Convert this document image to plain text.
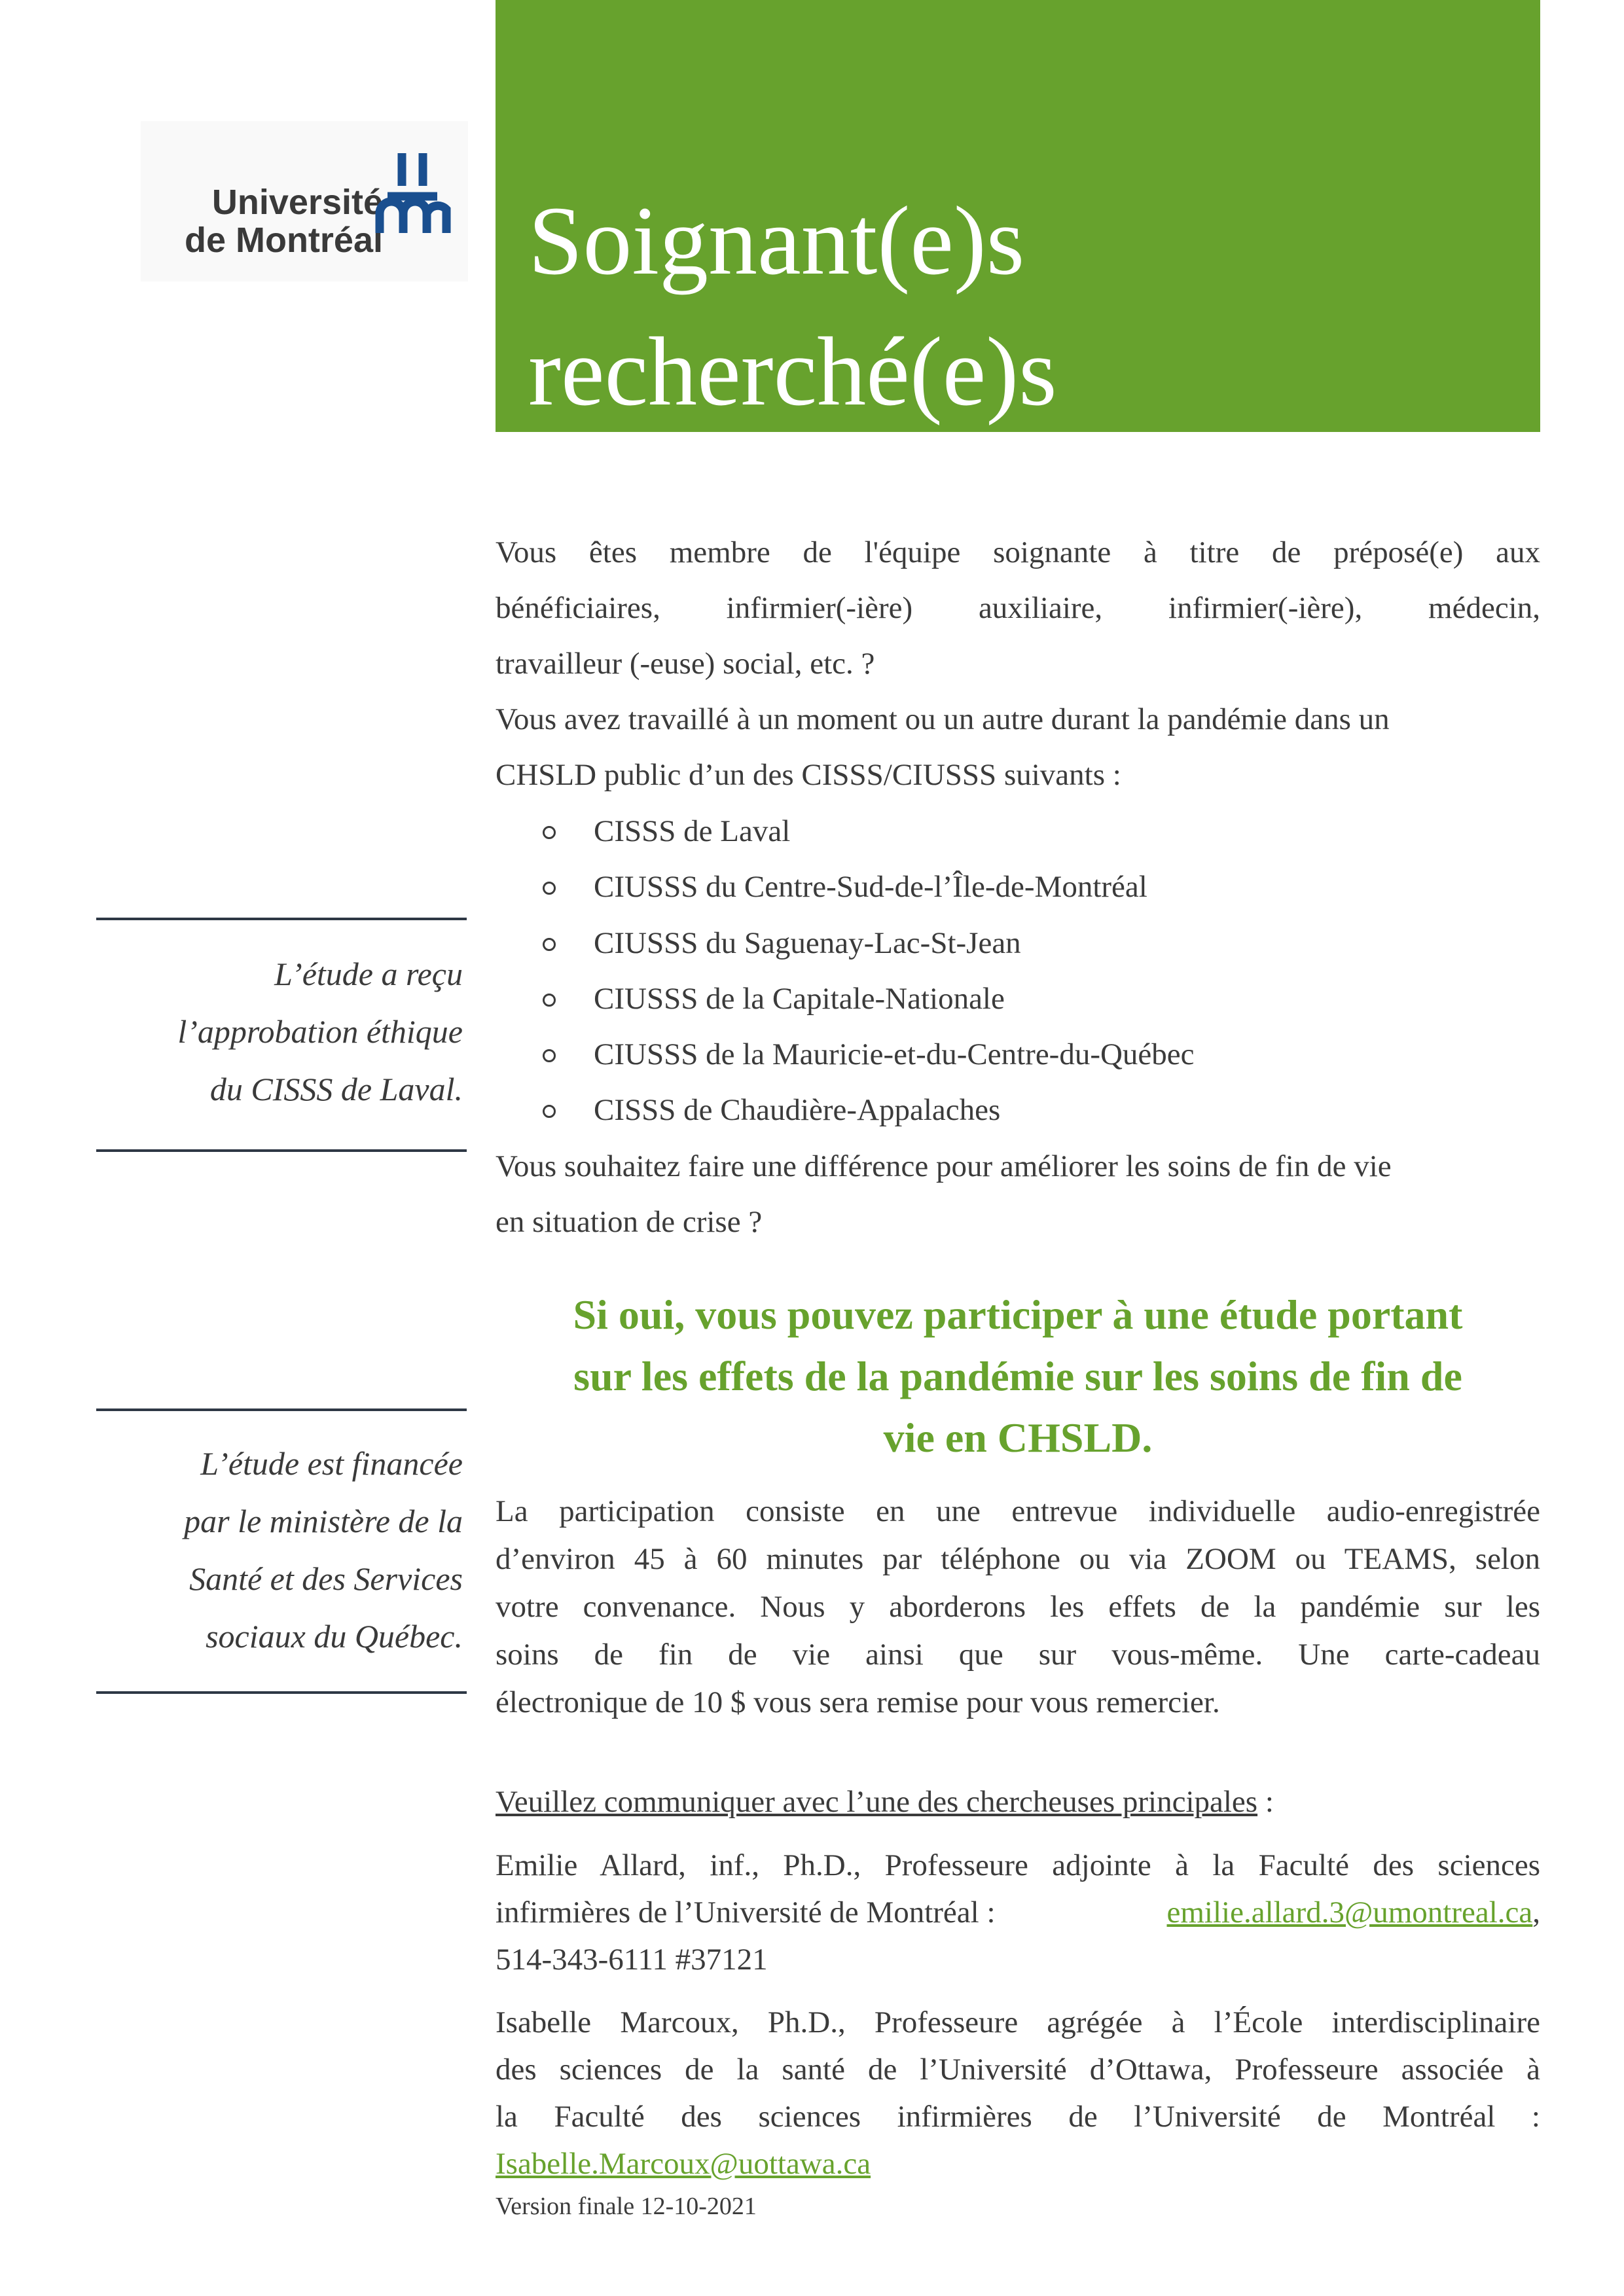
Université
de Montréal Soignant(e)s
recherché(e)s
L’étude a reçu
l’approbation éthique
du CISSS de Laval.
L’étude est financée
par le ministère de la
Santé et des Services
sociaux du Québec.
Vous êtes membre de l'équipe soignante à titre de préposé(e) aux
bénéficiaires, infirmier(-ière) auxiliaire, infirmier(-ière), médecin,
travailleur (-euse) social, etc. ?
Vous avez travaillé à un moment ou un autre durant la pandémie dans un
CHSLD public d’un des CISSS/CIUSSS suivants :
CISSS de Laval
CIUSSS du Centre-Sud-de-l’Île-de-Montréal
CIUSSS du Saguenay-Lac-St-Jean
CIUSSS de la Capitale-Nationale
CIUSSS de la Mauricie-et-du-Centre-du-Québec
CISSS de Chaudière-Appalaches
Vous souhaitez faire une différence pour améliorer les soins de fin de vie
en situation de crise ?
Si oui, vous pouvez participer à une étude portant
sur les effets de la pandémie sur les soins de fin de
vie en CHSLD.
La participation consiste en une entrevue individuelle audio-enregistrée
d’environ 45 à 60 minutes par téléphone ou via ZOOM ou TEAMS, selon
votre convenance. Nous y aborderons les effets de la pandémie sur les
soins de fin de vie ainsi que sur vous-même. Une carte-cadeau
électronique de 10 $ vous sera remise pour vous remercier.
Veuillez communiquer avec l’une des chercheuses principales :
Emilie Allard, inf., Ph.D., Professeure adjointe à la Faculté des sciences
infirmières de l’Université de Montréal :	emilie.allard.3@umontreal.ca,
514-343-6111 #37121
Isabelle Marcoux, Ph.D., Professeure agrégée à l’École interdisciplinaire
des sciences de la santé de l’Université d’Ottawa, Professeure associée à
la Faculté des sciences infirmières de l’Université de Montréal :
Isabelle.Marcoux@uottawa.ca
Version finale 12-10-2021
